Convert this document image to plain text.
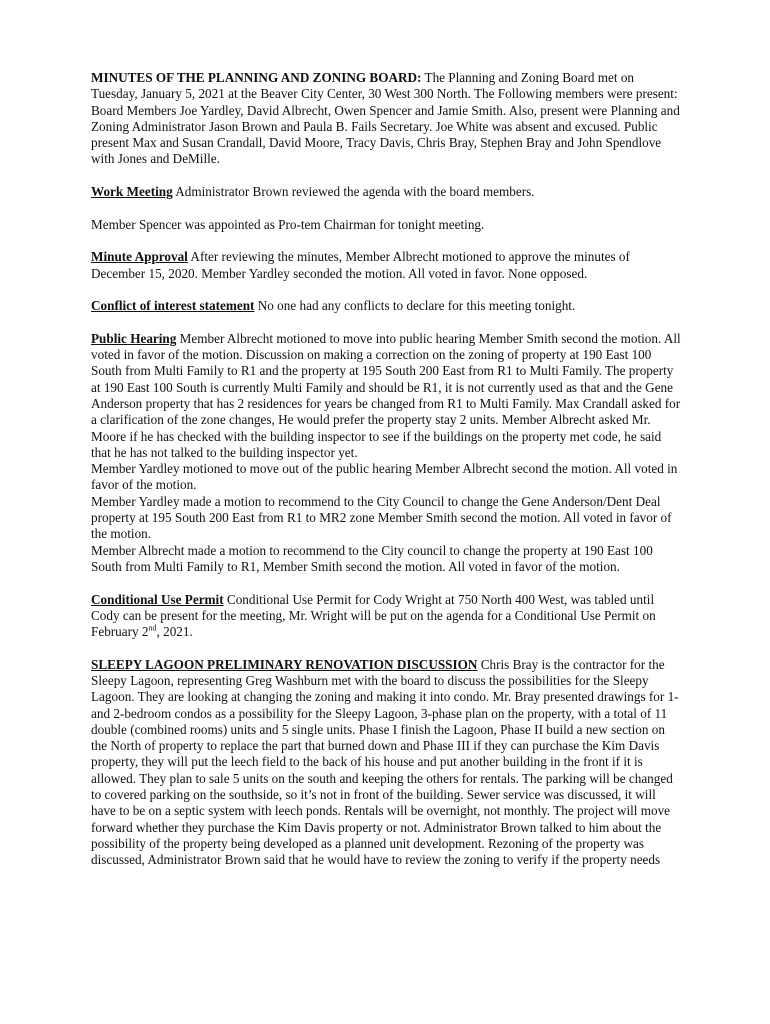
MINUTES OF THE PLANNING AND ZONING BOARD: The Planning and Zoning Board met on Tuesday, January 5, 2021 at the Beaver City Center, 30 West 300 North. The Following members were present: Board Members Joe Yardley, David Albrecht, Owen Spencer and Jamie Smith. Also, present were Planning and Zoning Administrator Jason Brown and Paula B. Fails Secretary. Joe White was absent and excused. Public present Max and Susan Crandall, David Moore, Tracy Davis, Chris Bray, Stephen Bray and John Spendlove with Jones and DeMille.

Work Meeting Administrator Brown reviewed the agenda with the board members.

Member Spencer was appointed as Pro-tem Chairman for tonight meeting.

Minute Approval After reviewing the minutes, Member Albrecht motioned to approve the minutes of December 15, 2020. Member Yardley seconded the motion. All voted in favor. None opposed.

Conflict of interest statement No one had any conflicts to declare for this meeting tonight.

Public Hearing Member Albrecht motioned to move into public hearing Member Smith second the motion. All voted in favor of the motion. Discussion on making a correction on the zoning of property at 190 East 100 South from Multi Family to R1 and the property at 195 South 200 East from R1 to Multi Family. The property at 190 East 100 South is currently Multi Family and should be R1, it is not currently used as that and the Gene Anderson property that has 2 residences for years be changed from R1 to Multi Family. Max Crandall asked for a clarification of the zone changes, He would prefer the property stay 2 units. Member Albrecht asked Mr. Moore if he has checked with the building inspector to see if the buildings on the property met code, he said that he has not talked to the building inspector yet.

Member Yardley motioned to move out of the public hearing Member Albrecht second the motion. All voted in favor of the motion.

Member Yardley made a motion to recommend to the City Council to change the Gene Anderson/Dent Deal property at 195 South 200 East from R1 to MR2 zone Member Smith second the motion. All voted in favor of the motion.

Member Albrecht made a motion to recommend to the City council to change the property at 190 East 100 South from Multi Family to R1, Member Smith second the motion. All voted in favor of the motion.

Conditional Use Permit Conditional Use Permit for Cody Wright at 750 North 400 West, was tabled until Cody can be present for the meeting, Mr. Wright will be put on the agenda for a Conditional Use Permit on February 2nd, 2021.

SLEEPY LAGOON PRELIMINARY RENOVATION DISCUSSION Chris Bray is the contractor for the Sleepy Lagoon, representing Greg Washburn met with the board to discuss the possibilities for the Sleepy Lagoon. They are looking at changing the zoning and making it into condo. Mr. Bray presented drawings for 1- and 2-bedroom condos as a possibility for the Sleepy Lagoon, 3-phase plan on the property, with a total of 11 double (combined rooms) units and 5 single units. Phase I finish the Lagoon, Phase II build a new section on the North of property to replace the part that burned down and Phase III if they can purchase the Kim Davis property, they will put the leech field to the back of his house and put another building in the front if it is allowed. They plan to sale 5 units on the south and keeping the others for rentals. The parking will be changed to covered parking on the southside, so it’s not in front of the building. Sewer service was discussed, it will have to be on a septic system with leech ponds. Rentals will be overnight, not monthly. The project will move forward whether they purchase the Kim Davis property or not. Administrator Brown talked to him about the possibility of the property being developed as a planned unit development. Rezoning of the property was discussed, Administrator Brown said that he would have to review the zoning to verify if the property needs
